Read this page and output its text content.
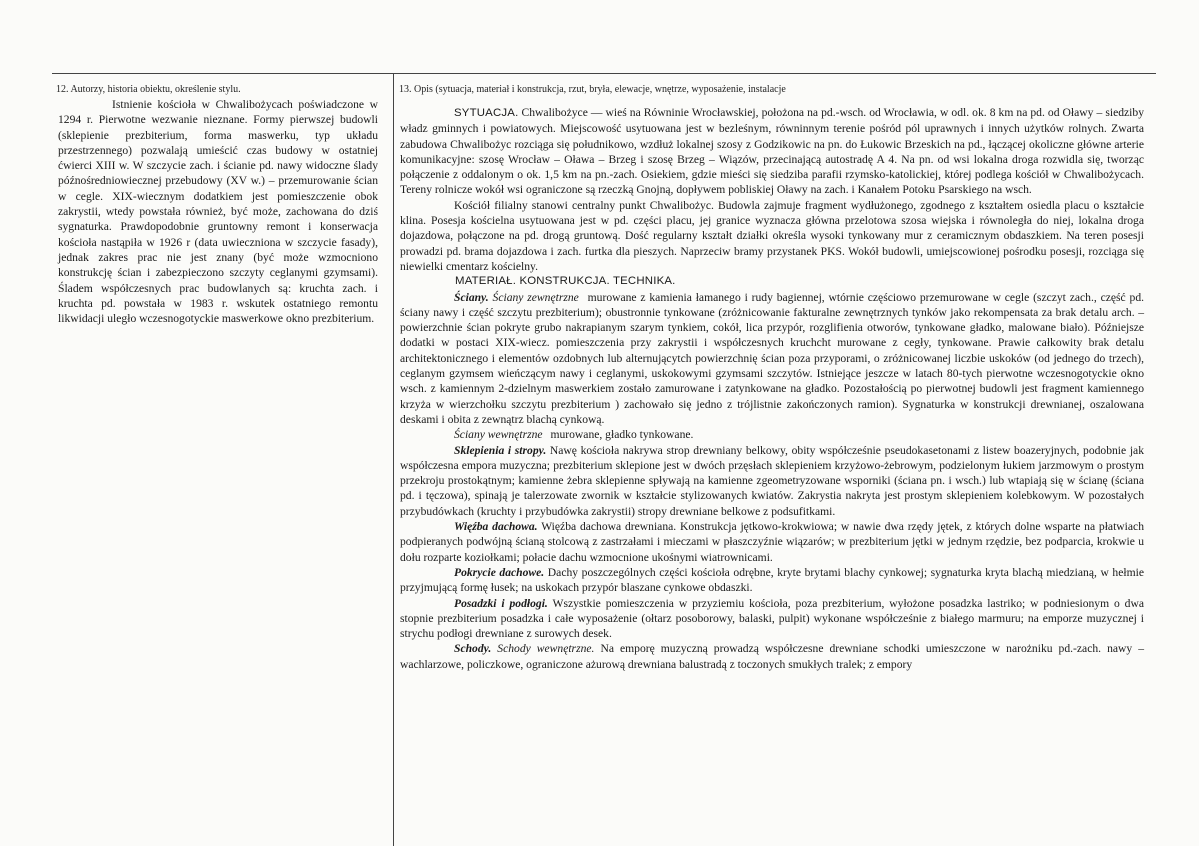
12. Autorzy, historia obiektu, określenie stylu.	13. Opis (sytuacja, materiał i konstrukcja, rzut, bryła, elewacje, wnętrze, wyposażenie, instalacje

Istnienie kościoła w Chwalibożycach poświadczone w 1294 r. Pierwotne wezwanie nieznane. Formy pierwszej budowli (sklepienie prezbiterium, forma maswerku, typ układu przestrzennego) pozwalają umieścić czas budowy w ostatniej ćwierci XIII w. W szczycie zach. i ścianie pd. nawy widoczne ślady późnośredniowiecznej przebudowy (XV w.) – przemurowanie ścian w cegle. XIX-wiecznym dodatkiem jest pomieszczenie obok zakrystii, wtedy powstała również, być może, zachowana do dziś sygnaturka. Prawdopodobnie gruntowny remont i konserwacja kościoła nastąpiła w 1926 r (data uwieczniona w szczycie fasady), jednak zakres prac nie jest znany (być może wzmocniono konstrukcję ścian i zabezpieczono szczyty ceglanymi gzymsami). Śladem współczesnych prac budowlanych są: kruchta zach. i kruchta pd. powstała w 1983 r. wskutek ostatniego remontu likwidacji uległo wczesnogotyckie maswerkowe okno prezbiterium.

SYTUACJA. Chwalibożyce — wieś na Równinie Wrocławskiej, położona na pd.-wsch. od Wrocławia, w odl. ok. 8 km na pd. od Oławy – siedziby władz gminnych i powiatowych. Miejscowość usytuowana jest w bezleśnym, równinnym terenie pośród pól uprawnych i innych użytków rolnych. Zwarta zabudowa Chwalibożyc rozciąga się południkowo, wzdłuż lokalnej szosy z Godzikowic na pn. do Łukowic Brzeskich na pd., łączącej okoliczne główne arterie komunikacyjne: szosę Wrocław – Oława – Brzeg i szosę Brzeg – Wiązów, przecinającą autostradę A 4. Na pn. od wsi lokalna droga rozwidla się, tworząc połączenie z oddalonym o ok. 1,5 km na pn.-zach. Osiekiem, gdzie mieści się siedziba parafii rzymsko-katolickiej, której podlega kościół w Chwalibożycach. Tereny rolnicze wokół wsi ograniczone są rzeczką Gnojną, dopływem pobliskiej Oławy na zach. i Kanałem Potoku Psarskiego na wsch.

Kościół filialny stanowi centralny punkt Chwalibożyc. Budowla zajmuje fragment wydłużonego, zgodnego z kształtem osiedla placu o kształcie klina. Posesja kościelna usytuowana jest w pd. części placu, jej granice wyznacza główna przelotowa szosa wiejska i równoległa do niej, lokalna droga dojazdowa, połączone na pd. drogą gruntową. Dość regularny kształt działki określa wysoki tynkowany mur z ceramicznym obdaszkiem. Na teren posesji prowadzi pd. brama dojazdowa i zach. furtka dla pieszych. Naprzeciw bramy przystanek PKS. Wokół budowli, umiejscowionej pośrodku posesji, rozciąga się niewielki cmentarz kościelny.

MATERIAŁ. KONSTRUKCJA. TECHNIKA.

Ściany. Ściany zewnętrzne murowane z kamienia łamanego i rudy bagiennej, wtórnie częściowo przemurowane w cegle (szczyt zach., część pd. ściany nawy i część szczytu prezbiterium); obustronnie tynkowane (zróżnicowanie fakturalne zewnętrznych tynków jako rekompensata za brak detalu arch. – powierzchnie ścian pokryte grubo nakrapianym szarym tynkiem, cokół, lica przypór, rozglifienia otworów, tynkowane gładko, malowane biało). Późniejsze dodatki w postaci XIX-wiecz. pomieszczenia przy zakrystii i współczesnych kruchcht murowane z cegły, tynkowane. Prawie całkowity brak detalu architektonicznego i elementów ozdobnych lub alternującytch powierzchnię ścian poza przyporami, o zróżnicowanej liczbie uskoków (od jednego do trzech), ceglanym gzymsem wieńczącym nawy i ceglanymi, uskokowymi gzymsami szczytów. Istniejące jeszcze w latach 80-tych pierwotne wczesnogotyckie okno wsch. z kamiennym 2-dzielnym maswerkiem zostało zamurowane i zatynkowane na gładko. Pozostałością po pierwotnej budowli jest fragment kamiennego krzyża w wierzchołku szczytu prezbiterium ) zachowało się jedno z trójlistnie zakończonych ramion). Sygnaturka w konstrukcji drewnianej, oszalowana deskami i obita z zewnątrz blachą cynkową.

Ściany wewnętrzne murowane, gładko tynkowane.

Sklepienia i stropy. Nawę kościoła nakrywa strop drewniany belkowy, obity współcześnie pseudokasetonami z listew boazeryjnych, podobnie jak współczesna empora muzyczna; prezbiterium sklepione jest w dwóch przęsłach sklepieniem krzyżowo-żebrowym, podzielonym łukiem jarzmowym o prostym przekroju prostokątnym; kamienne żebra sklepienne spływają na kamienne zgeometryzowane wsporniki (ściana pn. i wsch.) lub wtapiają się w ścianę (ściana pd. i tęczowa), spinają je talerzowate zwornik w kształcie stylizowanych kwiatów. Zakrystia nakryta jest prostym sklepieniem kolebkowym. W pozostałych przybudówkach (kruchty i przybudówka zakrystii) stropy drewniane belkowe z podsufitkami.

Więźba dachowa. Więźba dachowa drewniana. Konstrukcja jętkowo-krokwiowa; w nawie dwa rzędy jętek, z których dolne wsparte na płatwiach podpieranych podwójną ścianą stolcową z zastrzałami i mieczami w płaszczyźnie wiązarów; w prezbiterium jętki w jednym rzędzie, bez podparcia, krokwie u dołu rozparte koziołkami; połacie dachu wzmocnione ukośnymi wiatrownicami.

Pokrycie dachowe. Dachy poszczególnych części kościoła odrębne, kryte brytami blachy cynkowej; sygnaturka kryta blachą miedzianą, w hełmie przyjmującą formę łusek; na uskokach przypór blaszane cynkowe obdaszki.

Posadzki i podłogi. Wszystkie pomieszczenia w przyziemiu kościoła, poza prezbiterium, wyłożone posadzka lastriko; w podniesionym o dwa stopnie prezbiterium posadzka i całe wyposażenie (ołtarz posoborowy, balaski, pulpit) wykonane współcześnie z białego marmuru; na emporze muzycznej i strychu podłogi drewniane z surowych desek.

Schody. Schody wewnętrzne. Na emporę muzyczną prowadzą współczesne drewniane schodki umieszczone w narożniku pd.-zach. nawy –wachlarzowe, policzkowe, ograniczone ażurową drewniana balustradą z toczonych smukłych tralek; z empory
